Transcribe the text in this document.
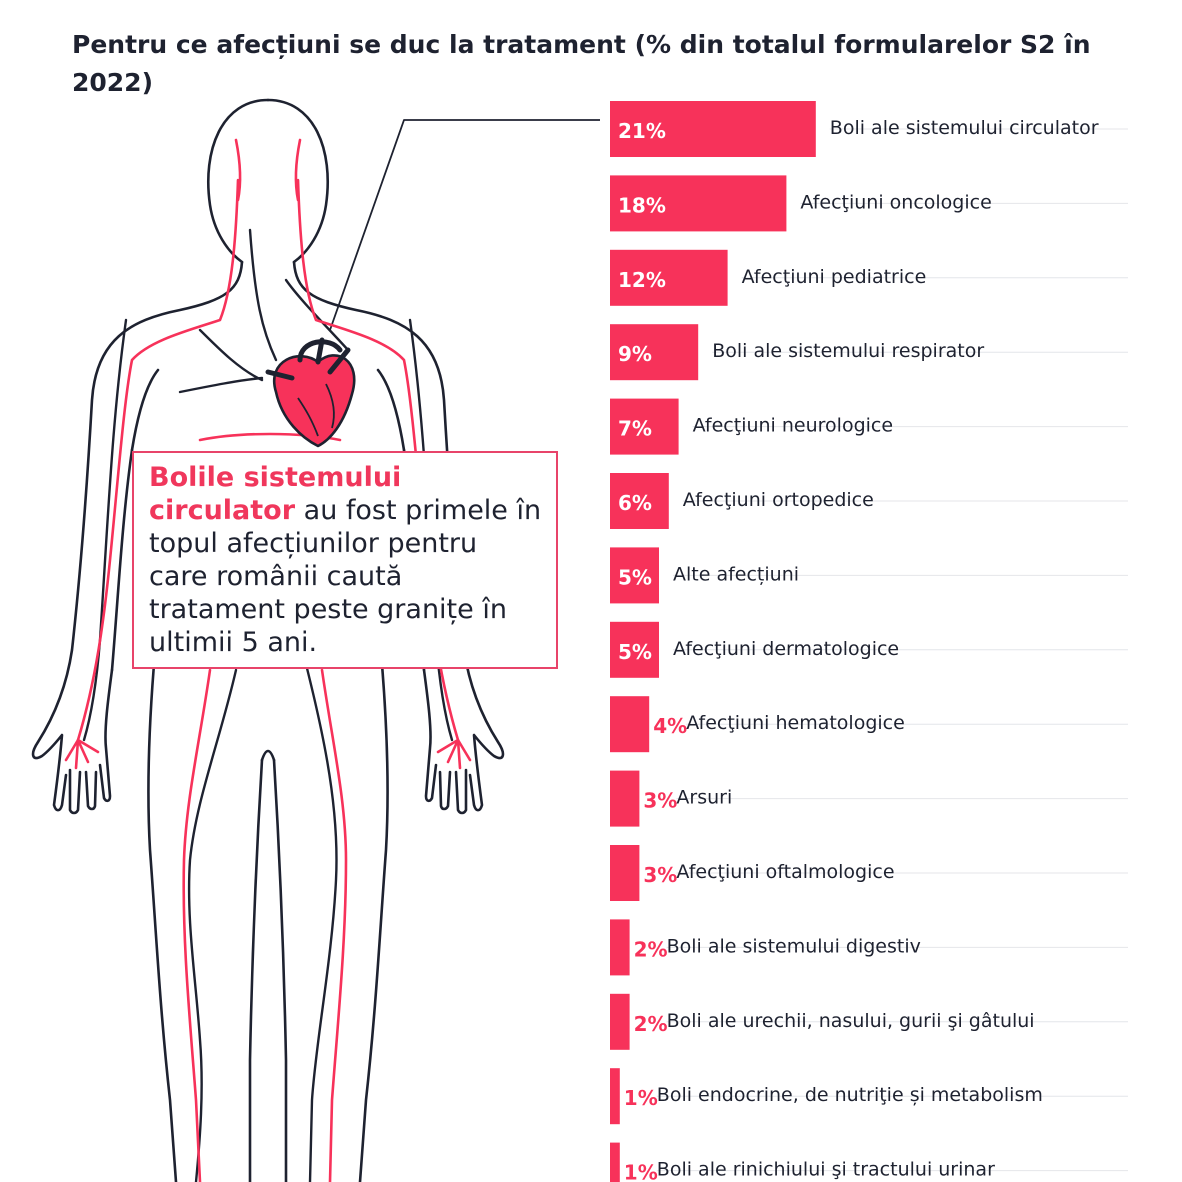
Pentru ce afecțiuni se duc la tratament (% din totalul formularelor S2 în 2022)

Bolile sistemului circulator au fost primele în topul afecțiunilor pentru care românii caută tratament peste granițe în ultimii 5 ani.

21%	Boli ale sistemului circulator
18%	Afecţiuni oncologice
12%	Afecţiuni pediatrice
9%	Boli ale sistemului respirator
7% Afecţiuni neurologice
6% Afecţiuni ortopedice
5% Alte afecțiuni
5% Afecţiuni dermatologice
4% Afecţiuni hematologice
3% Arsuri
3% Afecţiuni oftalmologice
2% Boli ale sistemului digestiv
2% Boli ale urechii, nasului, gurii şi gâtului
1% Boli endocrine, de nutriţie și metabolism
1% Boli ale rinichiului şi tractului urinar
